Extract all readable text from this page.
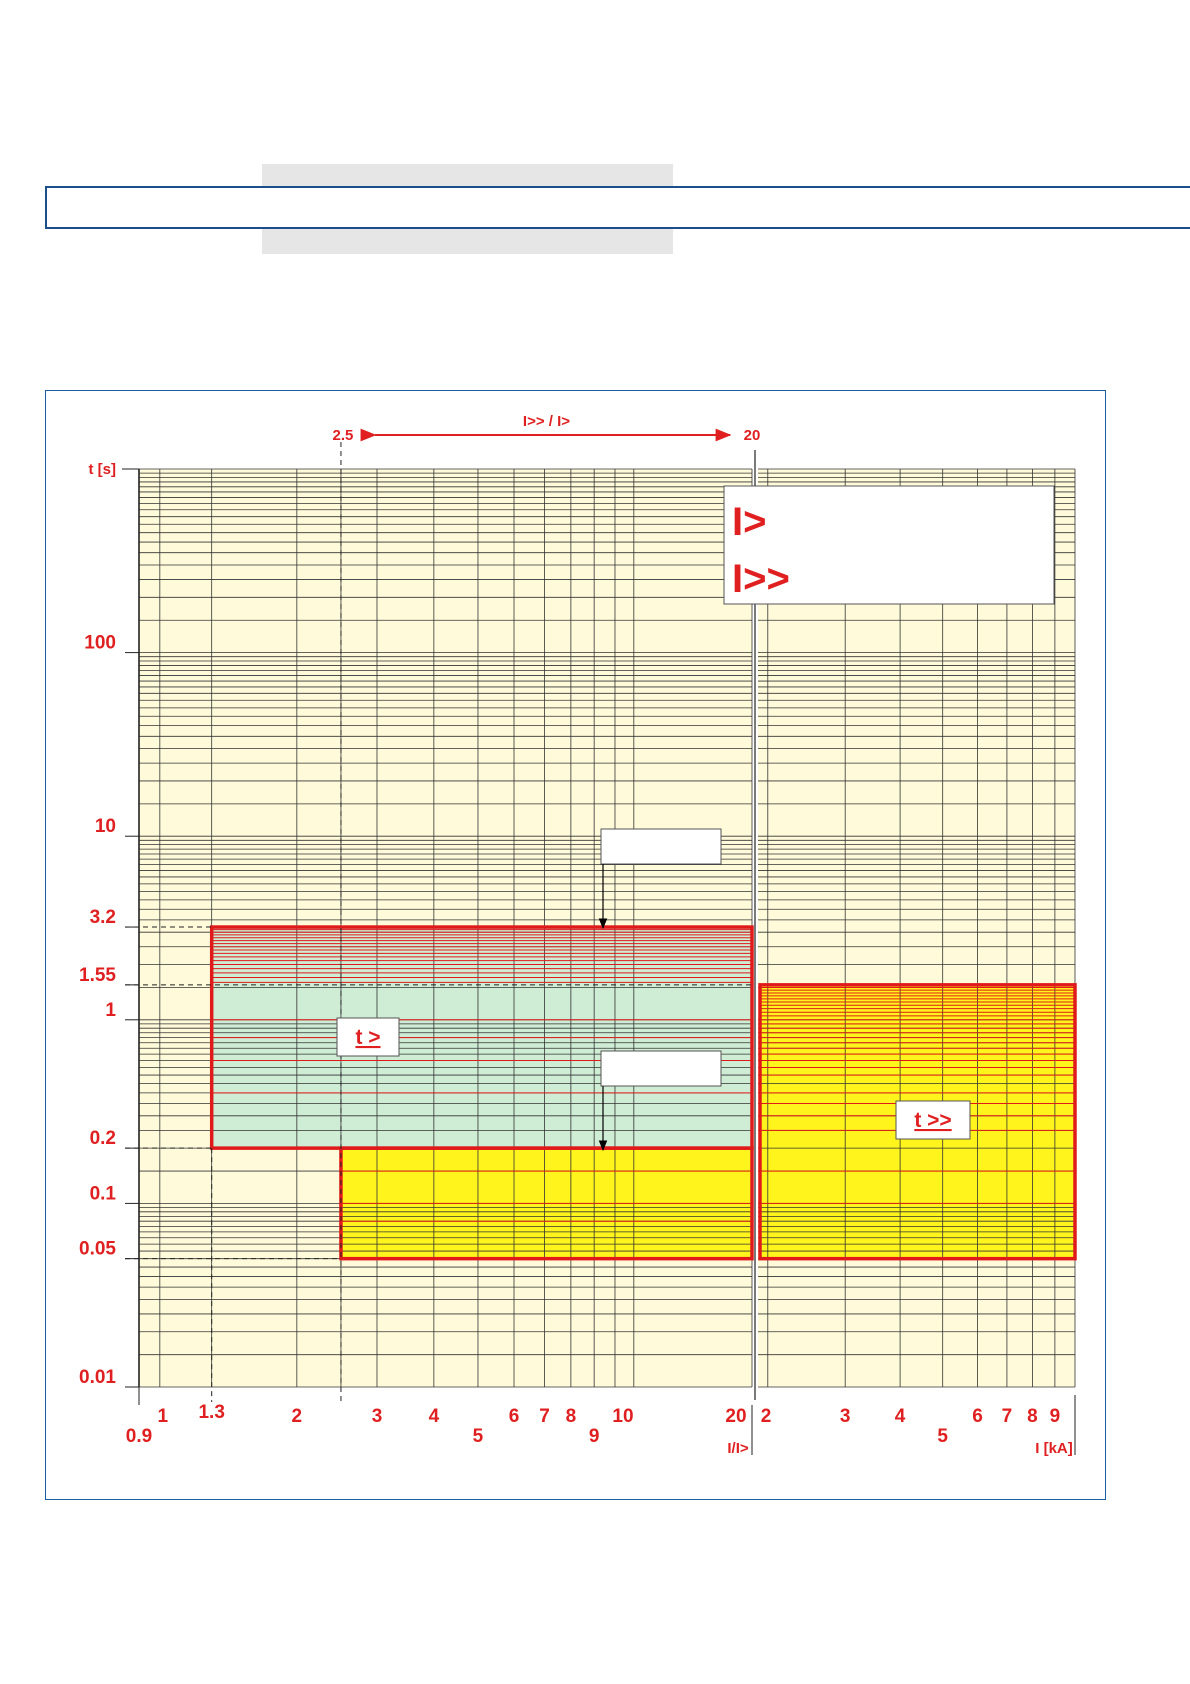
0.01
0.05
0.1
0.2
1
1.55
3.2
10
100
t [s]
0.9
1 1.3	2	3 4
5
6 7 8
9
10	20
I/I>
2	3 4
5
6 7 8 9
I [kA]
2.5	20
I>> / I>
I>
I>>
t >
t >>
